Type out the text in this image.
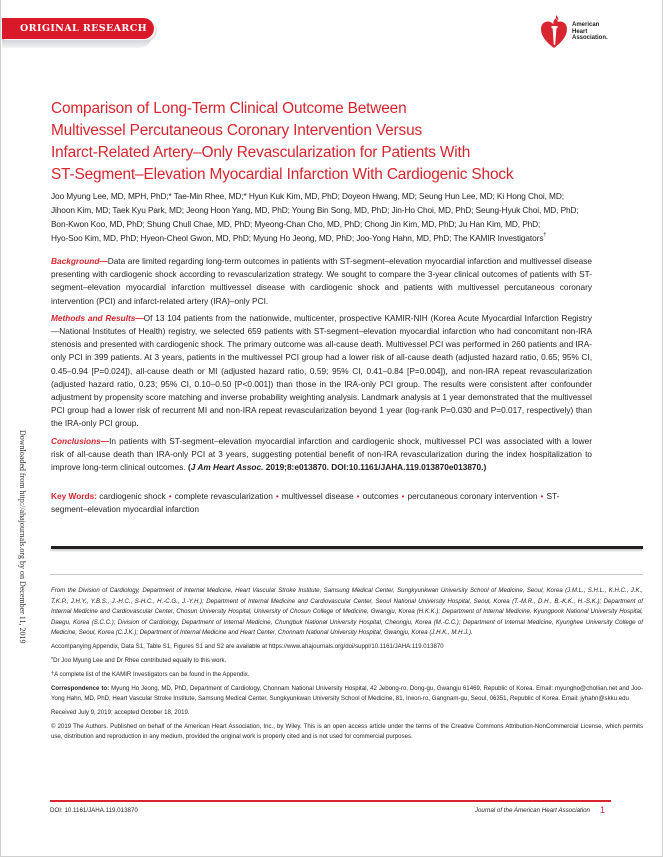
ORIGINAL RESEARCH	American
Heart
Association.
Comparison of Long-Term Clinical Outcome Between
Multivessel Percutaneous Coronary Intervention Versus
Infarct-Related Artery–Only Revascularization for Patients With
ST-Segment–Elevation Myocardial Infarction With Cardiogenic Shock
Joo Myung Lee, MD, MPH, PhD;* Tae-Min Rhee, MD;* Hyun Kuk Kim, MD, PhD; Doyeon Hwang, MD; Seung Hun Lee, MD; Ki Hong Choi, MD;
Jihoon Kim, MD; Taek Kyu Park, MD; Jeong Hoon Yang, MD, PhD; Young Bin Song, MD, PhD; Jin-Ho Choi, MD, PhD; Seung-Hyuk Choi, MD, PhD;
Bon-Kwon Koo, MD, PhD; Shung Chull Chae, MD, PhD; Myeong-Chan Cho, MD, PhD; Chong Jin Kim, MD, PhD; Ju Han Kim, MD, PhD;
Hyo-Soo Kim, MD, PhD; Hyeon-Cheol Gwon, MD, PhD; Myung Ho Jeong, MD, PhD; Joo-Yong Hahn, MD, PhD; The KAMIR Investigators†

Background—Data are limited regarding long-term outcomes in patients with ST-segment–elevation myocardial infarction and multivessel disease presenting with cardiogenic shock according to revascularization strategy. We sought to compare the 3-year clinical outcomes of patients with ST-segment–elevation myocardial infarction multivessel disease with cardiogenic shock and patients with multivessel percutaneous coronary intervention (PCI) and infarct-related artery (IRA)–only PCI.

Methods and Results—Of 13 104 patients from the nationwide, multicenter, prospective KAMIR-NIH (Korea Acute Myocardial Infarction Registry—National Institutes of Health) registry, we selected 659 patients with ST-segment–elevation myocardial infarction who had concomitant non-IRA stenosis and presented with cardiogenic shock. The primary outcome was all-cause death. Multivessel PCI was performed in 260 patients and IRA-only PCI in 399 patients. At 3 years, patients in the multivessel PCI group had a lower risk of all-cause death (adjusted hazard ratio, 0.65; 95% CI, 0.45–0.94 [P=0.024]), all-cause death or MI (adjusted hazard ratio, 0.59; 95% CI, 0.41–0.84 [P=0.004]), and non-IRA repeat revascularization (adjusted hazard ratio, 0.23; 95% CI, 0.10–0.50 [P<0.001]) than those in the IRA-only PCI group. The results were consistent after confounder adjustment by propensity score matching and inverse probability weighting analysis. Landmark analysis at 1 year demonstrated that the multivessel PCI group had a lower risk of recurrent MI and non-IRA repeat revascularization beyond 1 year (log-rank P=0.030 and P=0.017, respectively) than the IRA-only PCI group.

Conclusions—In patients with ST-segment–elevation myocardial infarction and cardiogenic shock, multivessel PCI was associated with a lower risk of all-cause death than IRA-only PCI at 3 years, suggesting potential benefit of non-IRA revascularization during the index hospitalization to improve long-term clinical outcomes. (J Am Heart Assoc. 2019;8:e013870. DOI:10.1161/JAHA.119.013870e013870.)

Key Words: cardiogenic shock • complete revascularization • multivessel disease • outcomes • percutaneous coronary intervention • ST-segment–elevation myocardial infarction

From the Division of Cardiology, Department of Internal Medicine, Heart Vascular Stroke Institute, Samsung Medical Center, Sungkyunkwan University School of Medicine, Seoul, Korea (J.M.L., S.H.L., K.H.C., J.K., T.K.P., J.H.Y., Y.B.S., J.-H.C., S-H.C., H.-C.G., J.-Y.H.); Department of Internal Medicine and Cardiovascular Center, Seoul National University Hospital, Seoul, Korea (T.-M.R., D.H., B.-K.K., H.-S.K.); Department of Internal Medicine and Cardiovascular Center, Chosun University Hospital, University of Chosun College of Medicine, Gwangju, Korea (H.K.K.); Department of Internal Medicine, Kyungpook National University Hospital, Daegu, Korea (S.C.C.); Division of Cardiology, Department of Internal Medicine, Chungbuk National University Hospital, Cheongju, Korea (M.-C.C.); Department of Internal Medicine, Kyunghee University College of Medicine, Seoul, Korea (C.J.K.); Department of Internal Medicine and Heart Center, Chonnam National University Hospital, Gwangju, Korea (J.H.K., M.H.J.).

Accompanying Appendix, Data S1, Table S1, Figures S1 and S2 are available at https://www.ahajournals.org/doi/suppl/10.1161/JAHA.119.013870

*Dr Joo Myung Lee and Dr Rhee contributed equally to this work.

†A complete list of the KAMIR Investigators can be found in the Appendix.

Correspondence to: Myung Ho Jeong, MD, PhD, Department of Cardiology, Chonnam National University Hospital, 42 Jebong-ro, Dong-gu, Gwangju 61469, Republic of Korea. Email: myungho@chollian.net and Joo-Yong Hahn, MD, PhD, Heart Vascular Stroke Institute, Samsung Medical Center, Sungkyunkwan University School of Medicine, 81, Irwon-ro, Gangnam-gu, Seoul, 06351, Republic of Korea. Email: jyhahn@skku.edu

Received July 9, 2019; accepted October 18, 2019.

© 2019 The Authors. Published on behalf of the American Heart Association, Inc., by Wiley. This is an open access article under the terms of the Creative Commons Attribution-NonCommercial License, which permits use, distribution and reproduction in any medium, provided the original work is properly cited and is not used for commercial purposes.

DOI: 10.1161/JAHA.119.013870	Journal of the American Heart Association 1
Downloaded from http://ahajournals.org by on December 11, 2019
